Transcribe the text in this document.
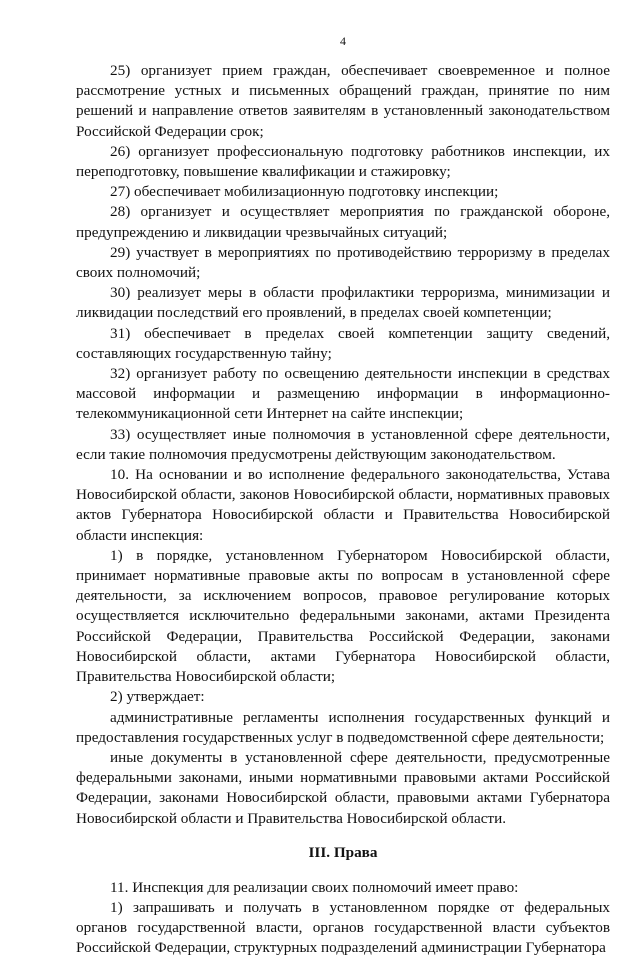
4

25) организует прием граждан, обеспечивает своевременное и полное рассмотрение устных и письменных обращений граждан, принятие по ним решений и направление ответов заявителям в установленный законодательством Российской Федерации срок;

26) организует профессиональную подготовку работников инспекции, их переподготовку, повышение квалификации и стажировку;

27) обеспечивает мобилизационную подготовку инспекции;

28) организует и осуществляет мероприятия по гражданской обороне, предупреждению и ликвидации чрезвычайных ситуаций;

29) участвует в мероприятиях по противодействию терроризму в пределах своих полномочий;

30) реализует меры в области профилактики терроризма, минимизации и ликвидации последствий его проявлений, в пределах своей компетенции;

31) обеспечивает в пределах своей компетенции защиту сведений, составляющих государственную тайну;

32) организует работу по освещению деятельности инспекции в средствах массовой информации и размещению информации в информационно-телекоммуникационной сети Интернет на сайте инспекции;

33) осуществляет иные полномочия в установленной сфере деятельности, если такие полномочия предусмотрены действующим законодательством.

10. На основании и во исполнение федерального законодательства, Устава Новосибирской области, законов Новосибирской области, нормативных правовых актов Губернатора Новосибирской области и Правительства Новосибирской области инспекция:

1) в порядке, установленном Губернатором Новосибирской области, принимает нормативные правовые акты по вопросам в установленной сфере деятельности, за исключением вопросов, правовое регулирование которых осуществляется исключительно федеральными законами, актами Президента Российской Федерации, Правительства Российской Федерации, законами Новосибирской области, актами Губернатора Новосибирской области, Правительства Новосибирской области;

2) утверждает:

административные регламенты исполнения государственных функций и предоставления государственных услуг в подведомственной сфере деятельности;

иные документы в установленной сфере деятельности, предусмотренные федеральными законами, иными нормативными правовыми актами Российской Федерации, законами Новосибирской области, правовыми актами Губернатора Новосибирской области и Правительства Новосибирской области.

III. Права

11. Инспекция для реализации своих полномочий имеет право:

1) запрашивать и получать в установленном порядке от федеральных органов государственной власти, органов государственной власти субъектов Российской Федерации, структурных подразделений администрации Губернатора
